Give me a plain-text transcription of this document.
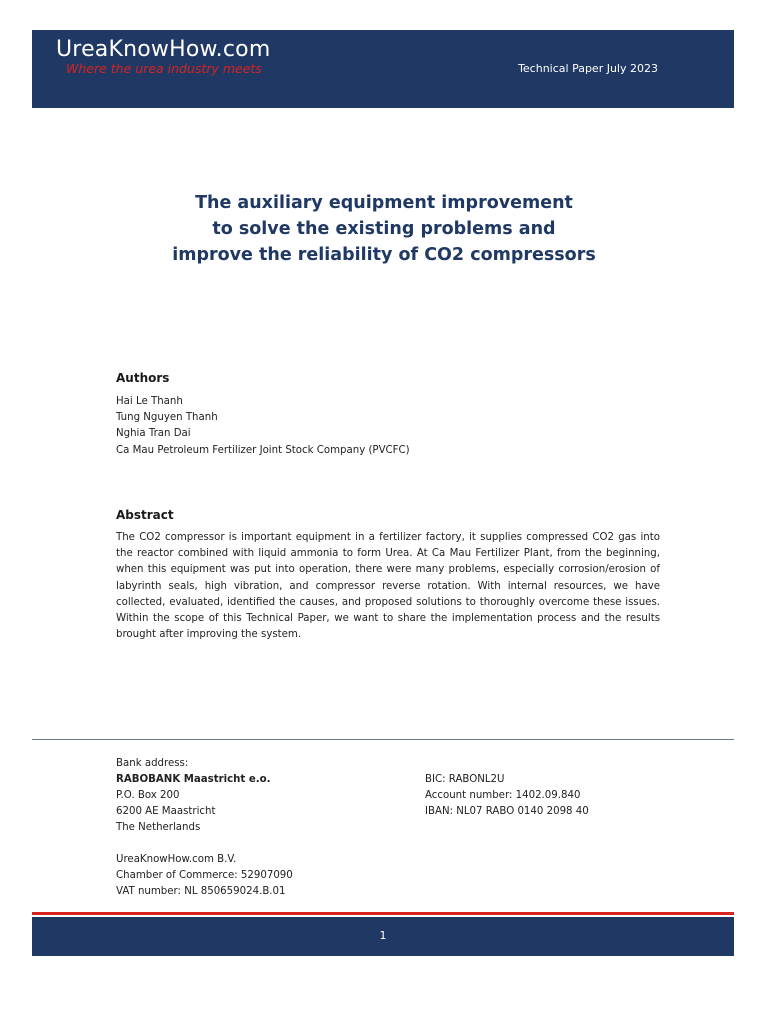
UreaKnowHow.com
Where the urea industry meets	Technical Paper July 2023
The auxiliary equipment improvement
to solve the existing problems and
improve the reliability of CO2 compressors
Authors
Hai Le Thanh
Tung Nguyen Thanh
Nghia Tran Dai
Ca Mau Petroleum Fertilizer Joint Stock Company (PVCFC)
Abstract
The CO2 compressor is important equipment in a fertilizer factory, it supplies compressed CO2 gas into the reactor combined with liquid ammonia to form Urea. At Ca Mau Fertilizer Plant, from the beginning, when this equipment was put into operation, there were many problems, especially corrosion/erosion of labyrinth seals, high vibration, and compressor reverse rotation. With internal resources, we have collected, evaluated, identified the causes, and proposed solutions to thoroughly overcome these issues. Within the scope of this Technical Paper, we want to share the implementation process and the results brought after improving the system.
Bank address:
RABOBANK Maastricht e.o.
P.O. Box 200
6200 AE Maastricht
The Netherlands
UreaKnowHow.com B.V.
Chamber of Commerce: 52907090
VAT number: NL 850659024.B.01
BIC: RABONL2U
Account number: 1402.09.840
IBAN: NL07 RABO 0140 2098 40
1
